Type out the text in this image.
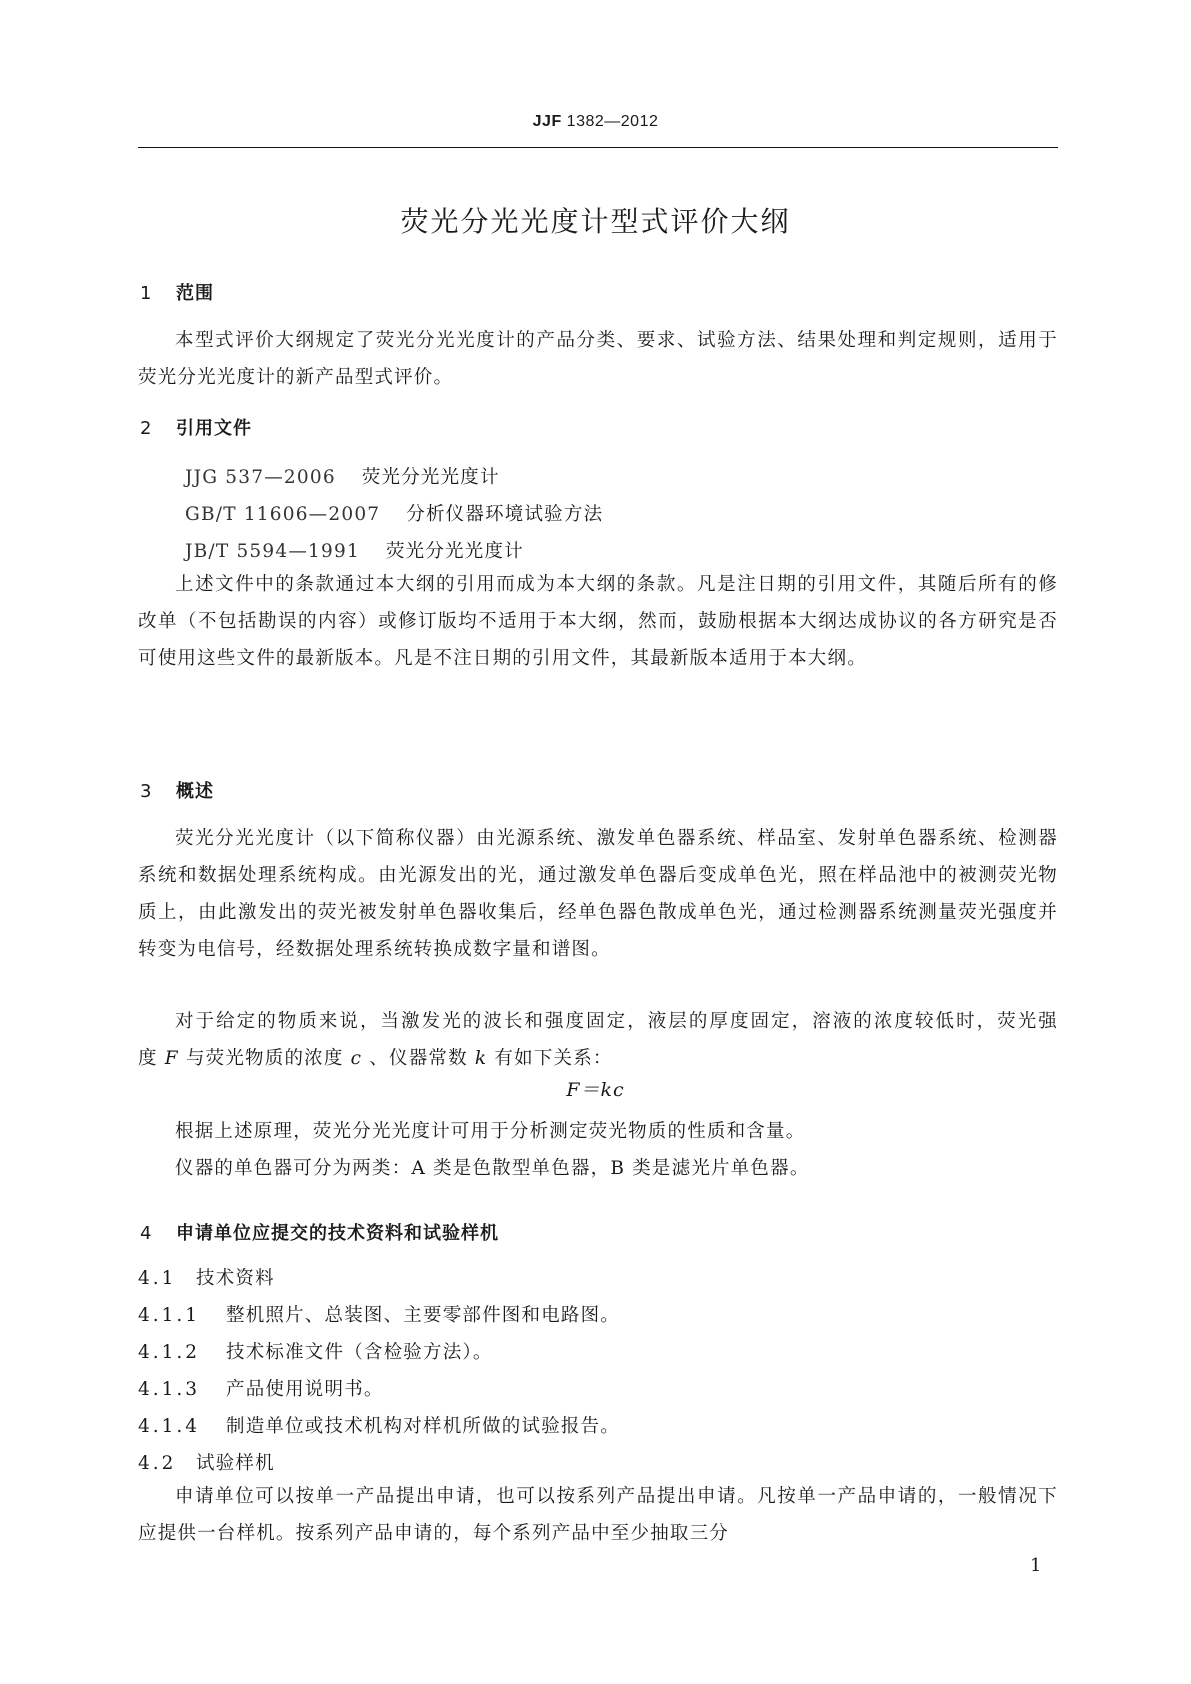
JJF 1382—2012
荧光分光光度计型式评价大纲
1 范围
本型式评价大纲规定了荧光分光光度计的产品分类、要求、试验方法、结果处理和判定规则，适用于荧光分光光度计的新产品型式评价。
2 引用文件
JJG 537—2006 荧光分光光度计
GB/T 11606—2007 分析仪器环境试验方法
JB/T 5594—1991 荧光分光光度计
上述文件中的条款通过本大纲的引用而成为本大纲的条款。凡是注日期的引用文件，其随后所有的修改单（不包括勘误的内容）或修订版均不适用于本大纲，然而，鼓励根据本大纲达成协议的各方研究是否可使用这些文件的最新版本。凡是不注日期的引用文件，其最新版本适用于本大纲。
3 概述
荧光分光光度计（以下简称仪器）由光源系统、激发单色器系统、样品室、发射单色器系统、检测器系统和数据处理系统构成。由光源发出的光，通过激发单色器后变成单色光，照在样品池中的被测荧光物质上，由此激发出的荧光被发射单色器收集后，经单色器色散成单色光，通过检测器系统测量荧光强度并转变为电信号，经数据处理系统转换成数字量和谱图。
对于给定的物质来说，当激发光的波长和强度固定，液层的厚度固定，溶液的浓度较低时，荧光强度 F 与荧光物质的浓度 c 、仪器常数 k 有如下关系：
F＝kc
根据上述原理，荧光分光光度计可用于分析测定荧光物质的性质和含量。
仪器的单色器可分为两类：A 类是色散型单色器，B 类是滤光片单色器。
4 申请单位应提交的技术资料和试验样机
4.1 技术资料
4.1.1 整机照片、总装图、主要零部件图和电路图。
4.1.2 技术标准文件（含检验方法）。
4.1.3 产品使用说明书。
4.1.4 制造单位或技术机构对样机所做的试验报告。
4.2 试验样机
申请单位可以按单一产品提出申请，也可以按系列产品提出申请。凡按单一产品申请的，一般情况下应提供一台样机。按系列产品申请的，每个系列产品中至少抽取三分
1
